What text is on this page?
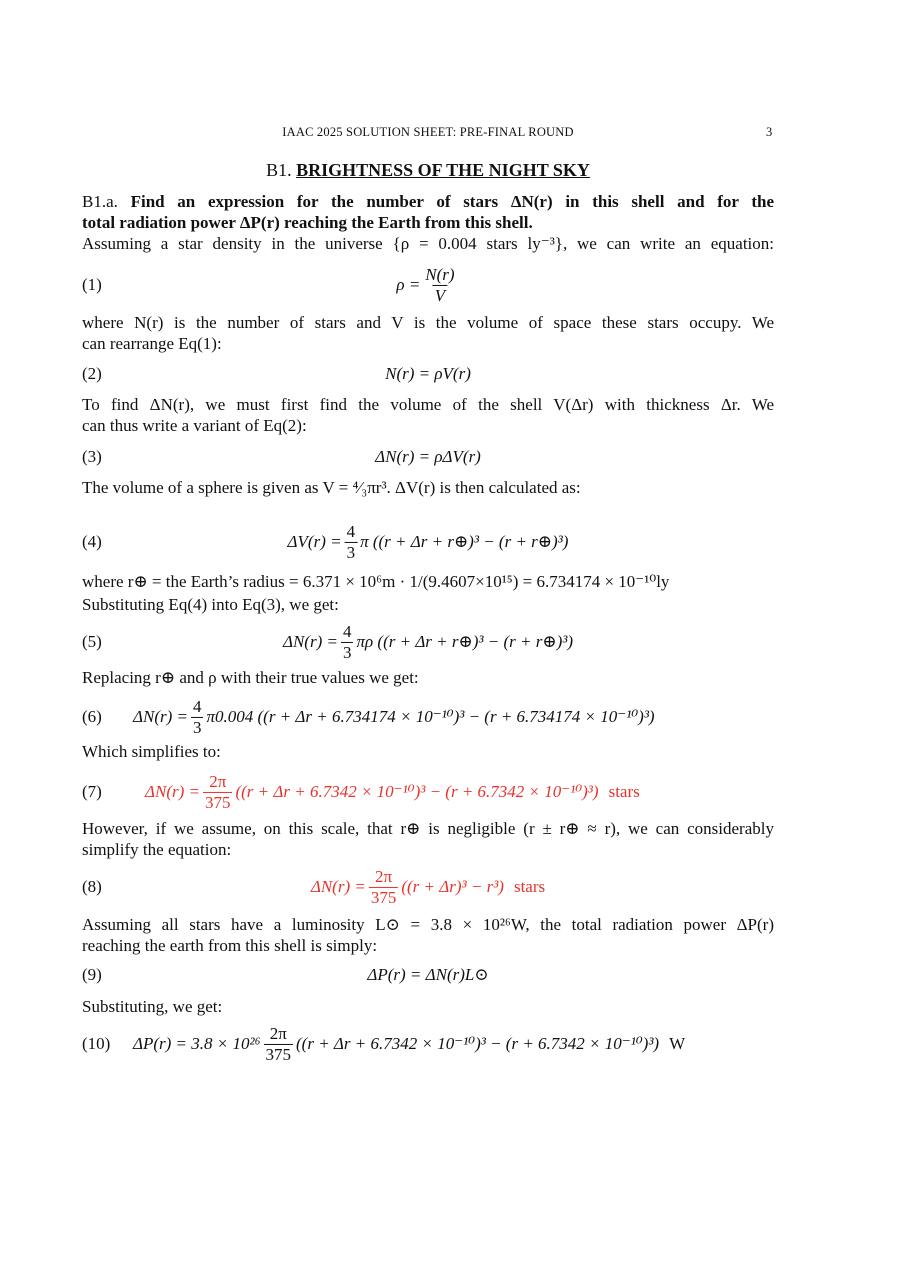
IAAC 2025 SOLUTION SHEET: PRE-FINAL ROUND	3
B1. BRIGHTNESS OF THE NIGHT SKY
B1.a. Find an expression for the number of stars ΔN(r) in this shell and for the
total radiation power ΔP(r) reaching the Earth from this shell.
Assuming a star density in the universe {ρ = 0.004 stars ly⁻³}, we can write an equation:
(1)	$\rho = \frac{N(r)}{V}$
where N(r) is the number of stars and V is the volume of space these stars occupy. We
can rearrange Eq(1):
(2)	N(r) = ρV(r)
To find ΔN(r), we must first find the volume of the shell V(Δr) with thickness Δr. We
can thus write a variant of Eq(2):
(3)	ΔN(r) = ρΔV(r)
The volume of a sphere is given as V = ⁴⁄₃πr³. ΔV(r) is then calculated as:
(4)	$\Delta V(r) = \frac{4}{3}$ π ((r + Δr + r⊕)³ − (r + r⊕)³)
where r⊕ = the Earth’s radius = 6.371 × 10⁶m · 1/(9.4607×10¹⁵) = 6.734174 × 10⁻¹⁰ly
Substituting Eq(4) into Eq(3), we get:
(5)	$\Delta N(r) = \frac{4}{3}$ πρ ((r + Δr + r⊕)³ − (r + r⊕)³)
Replacing r⊕ and ρ with their true values we get:
(6) $\Delta N(r) = \frac{4}{3} \pi 0.004$ ((r + Δr + 6.734174 × 10⁻¹⁰)³ − (r + 6.734174 × 10⁻¹⁰)³)
Which simplifies to:
(7)	$\Delta N(r) = \frac{2\pi}{375} ((r + \Delta r + 6.7342 \times 10^{-10})^3 - (r + 6.7342 \times 10^{-10})^3)$ stars
However, if we assume, on this scale, that r⊕ is negligible (r ± r⊕ ≈ r), we can considerably
simplify the equation:
(8)	$\Delta N(r) = \frac{2\pi}{375} ((r + \Delta r)^3 - r^3)$ stars
Assuming all stars have a luminosity L⊙ = 3.8 × 10²⁶W, the total radiation power ΔP(r)
reaching the earth from this shell is simply:
(9)	ΔP(r) = ΔN(r)L⊙
Substituting, we get:
(10) $\Delta P(r) = 3.8 \times 10^{26} \frac{2\pi}{375} ((r + \Delta r + 6.7342 \times 10^{-10})^3 - (r + 6.7342 \times 10^{-10})^3)$ W
